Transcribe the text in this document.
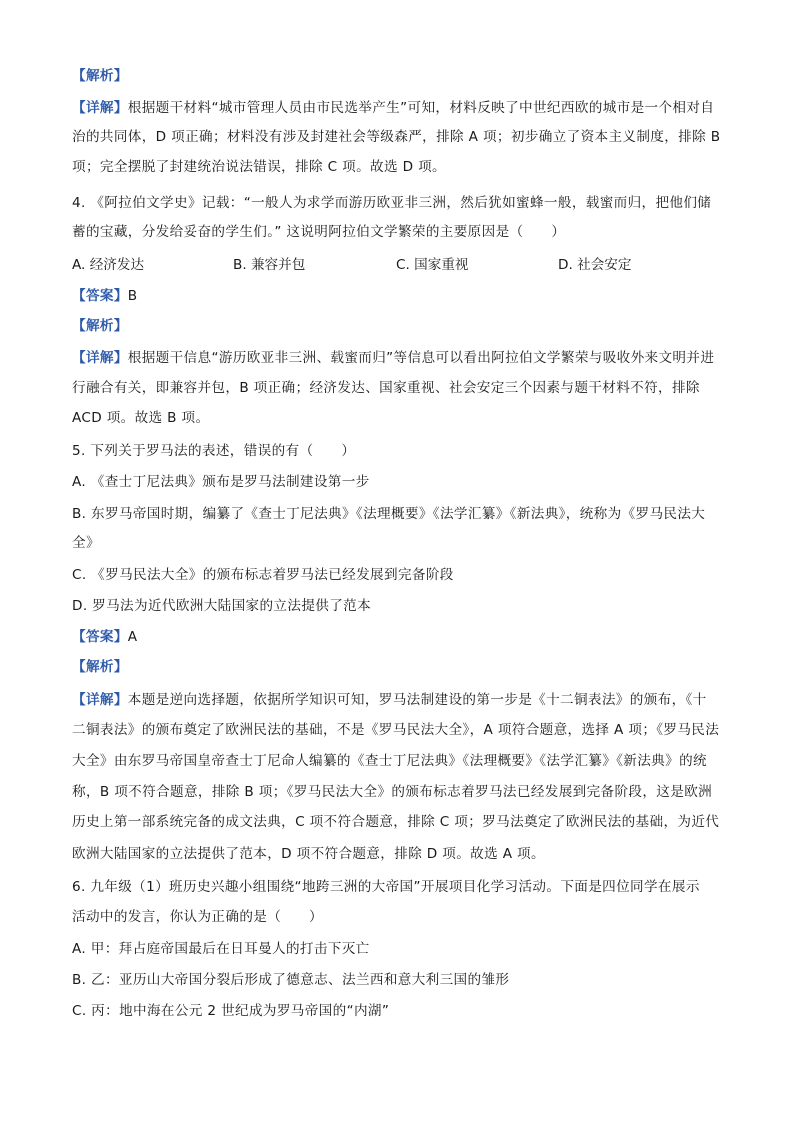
【解析】
【详解】根据题干材料“城市管理人员由市民选举产生”可知，材料反映了中世纪西欧的城市是一个相对自
治的共同体，D 项正确；材料没有涉及封建社会等级森严，排除 A 项；初步确立了资本主义制度，排除 B
项；完全摆脱了封建统治说法错误，排除 C 项。故选 D 项。
4. 《阿拉伯文学史》记载：“一般人为求学而游历欧亚非三洲，然后犹如蜜蜂一般，载蜜而归，把他们储
蓄的宝藏，分发给妥奋的学生们。” 这说明阿拉伯文学繁荣的主要原因是（　　）
A. 经济发达	B. 兼容并包	C. 国家重视	D. 社会安定
【答案】B
【解析】
【详解】根据题干信息“游历欧亚非三洲、载蜜而归”等信息可以看出阿拉伯文学繁荣与吸收外来文明并进
行融合有关，即兼容并包，B 项正确；经济发达、国家重视、社会安定三个因素与题干材料不符，排除
ACD 项。故选 B 项。
5. 下列关于罗马法的表述，错误的有（　　）
A. 《查士丁尼法典》颁布是罗马法制建设第一步
B. 东罗马帝国时期，编纂了《查士丁尼法典》《法理概要》《法学汇纂》《新法典》，统称为《罗马民法大
全》
C. 《罗马民法大全》的颁布标志着罗马法已经发展到完备阶段
D. 罗马法为近代欧洲大陆国家的立法提供了范本
【答案】A
【解析】
【详解】本题是逆向选择题，依据所学知识可知，罗马法制建设的第一步是《十二铜表法》的颁布，《十
二铜表法》的颁布奠定了欧洲民法的基础，不是《罗马民法大全》，A 项符合题意，选择 A 项；《罗马民法
大全》由东罗马帝国皇帝查士丁尼命人编纂的《查士丁尼法典》《法理概要》《法学汇纂》《新法典》的统
称，B 项不符合题意，排除 B 项；《罗马民法大全》的颁布标志着罗马法已经发展到完备阶段，这是欧洲
历史上第一部系统完备的成文法典，C 项不符合题意，排除 C 项；罗马法奠定了欧洲民法的基础，为近代
欧洲大陆国家的立法提供了范本，D 项不符合题意，排除 D 项。故选 A 项。
6. 九年级（1）班历史兴趣小组围绕“地跨三洲的大帝国”开展项目化学习活动。下面是四位同学在展示
活动中的发言，你认为正确的是（　　）
A. 甲：拜占庭帝国最后在日耳曼人的打击下灭亡
B. 乙：亚历山大帝国分裂后形成了德意志、法兰西和意大利三国的雏形
C. 丙：地中海在公元 2 世纪成为罗马帝国的“内湖”
